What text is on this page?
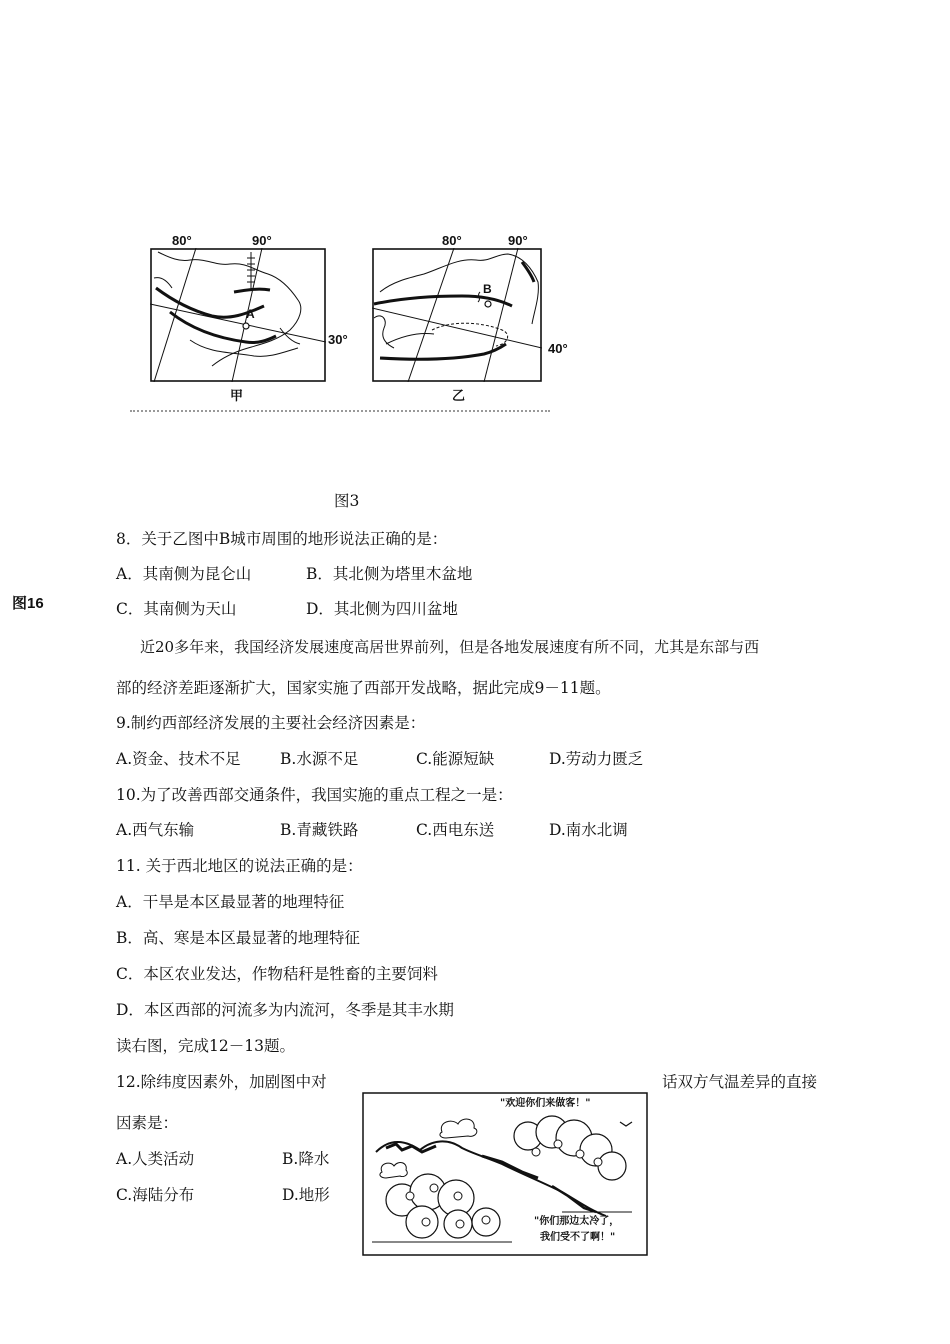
80°	90°
30°
A
甲
80°	90°
40°
B
乙
图3
图16
8．关于乙图中B城市周围的地形说法正确的是：
A．其南侧为昆仑山	B．其北侧为塔里木盆地
C．其南侧为天山	D．其北侧为四川盆地
近20多年来，我国经济发展速度高居世界前列，但是各地发展速度有所不同，尤其是东部与西
部的经济差距逐渐扩大，国家实施了西部开发战略，据此完成9－11题。
9.制约西部经济发展的主要社会经济因素是：
A.资金、技术不足	B.水源不足	C.能源短缺	D.劳动力匮乏
10.为了改善西部交通条件，我国实施的重点工程之一是：
A.西气东输	B.青藏铁路	C.西电东送	D.南水北调
11. 关于西北地区的说法正确的是：
A．干旱是本区最显著的地理特征
B．高、寒是本区最显著的地理特征
C．本区农业发达，作物秸秆是牲畜的主要饲料
D．本区西部的河流多为内流河，冬季是其丰水期
读右图，完成12－13题。
12.除纬度因素外，加剧图中对	话双方气温差异的直接
因素是：
A.人类活动	B.降水
C.海陆分布	D.地形
"欢迎你们来做客！"
"你们那边太冷了，
我们受不了啊！"
